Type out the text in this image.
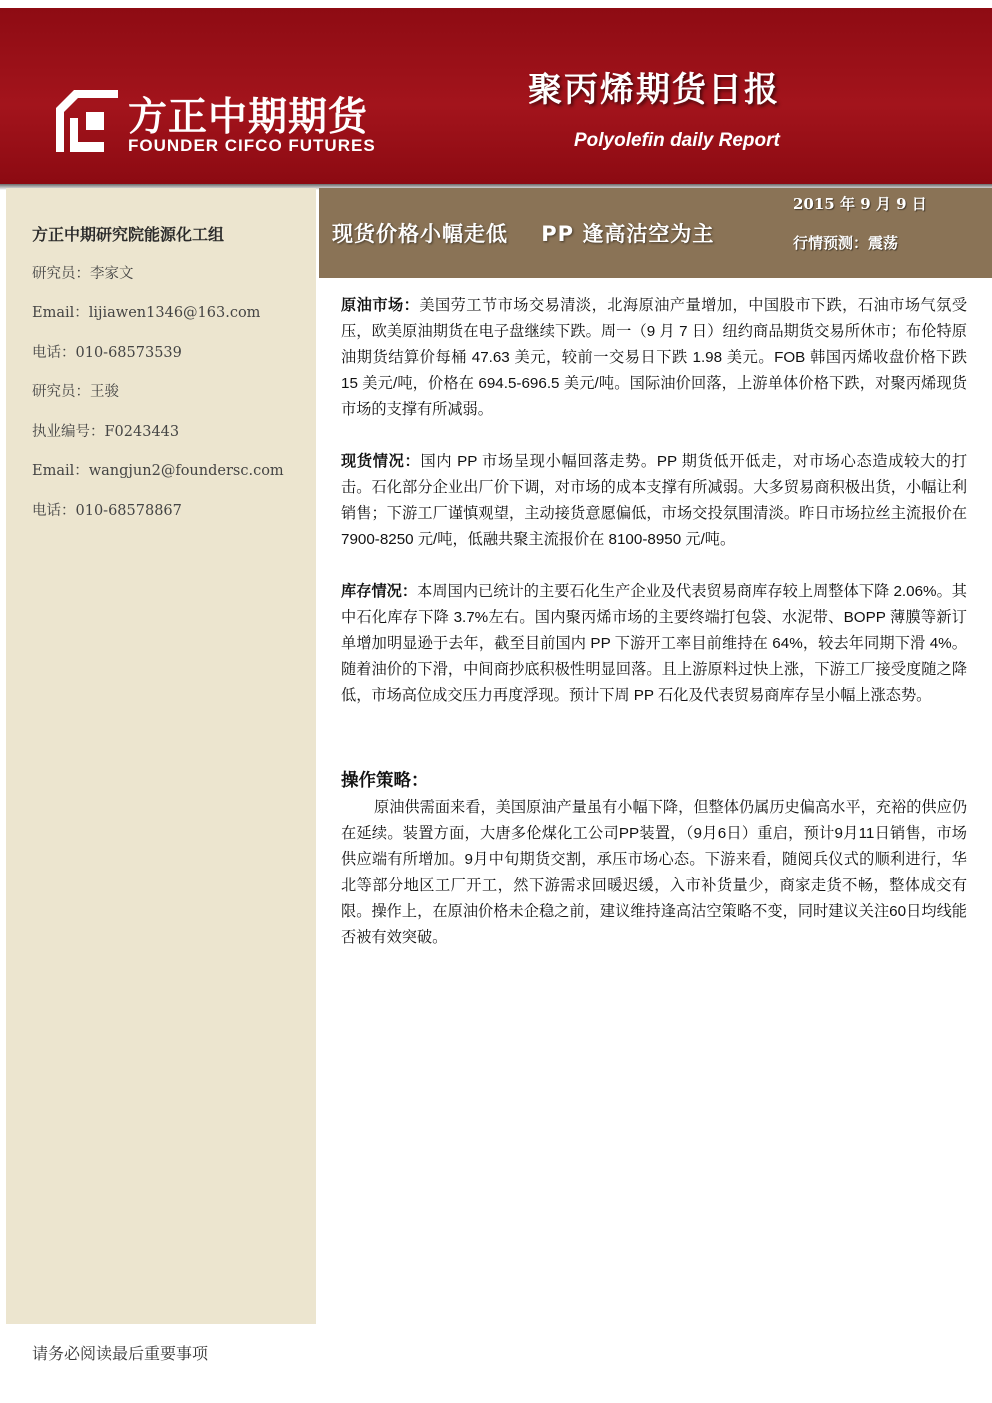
方正中期期货
FOUNDER CIFCO FUTURES
聚丙烯期货日报
Polyolefin daily Report
方正中期研究院能源化工组
研究员：李家文
Email：lijiawen1346@163.com
电话：010-68573539
研究员：王骏
执业编号：F0243443
Email：wangjun2@foundersc.com
电话：010-68578867
现货价格小幅走低    PP 逢高沽空为主
2015 年 9 月 9 日
行情预测：震荡

原油市场：美国劳工节市场交易清淡，北海原油产量增加，中国股市下跌，石油市场气氛受压，欧美原油期货在电子盘继续下跌。周一（9 月 7 日）纽约商品期货交易所休市；布伦特原油期货结算价每桶 47.63 美元，较前一交易日下跌 1.98 美元。FOB 韩国丙烯收盘价格下跌 15 美元/吨，价格在 694.5-696.5 美元/吨。国际油价回落，上游单体价格下跌，对聚丙烯现货市场的支撑有所减弱。

现货情况：国内 PP 市场呈现小幅回落走势。PP 期货低开低走，对市场心态造成较大的打击。石化部分企业出厂价下调，对市场的成本支撑有所减弱。大多贸易商积极出货，小幅让利销售；下游工厂谨慎观望，主动接货意愿偏低，市场交投氛围清淡。昨日市场拉丝主流报价在 7900-8250 元/吨，低融共聚主流报价在 8100-8950 元/吨。

库存情况：本周国内已统计的主要石化生产企业及代表贸易商库存较上周整体下降 2.06%。其中石化库存下降 3.7%左右。国内聚丙烯市场的主要终端打包袋、水泥带、BOPP 薄膜等新订单增加明显逊于去年，截至目前国内 PP 下游开工率目前维持在 64%，较去年同期下滑 4%。随着油价的下滑，中间商抄底积极性明显回落。且上游原料过快上涨，下游工厂接受度随之降低，市场高位成交压力再度浮现。预计下周 PP 石化及代表贸易商库存呈小幅上涨态势。

操作策略：

原油供需面来看，美国原油产量虽有小幅下降，但整体仍属历史偏高水平，充裕的供应仍在延续。装置方面，大唐多伦煤化工公司PP装置，（9月6日）重启，预计9月11日销售，市场供应端有所增加。9月中旬期货交割，承压市场心态。下游来看，随阅兵仪式的顺利进行，华北等部分地区工厂开工，然下游需求回暖迟缓，入市补货量少，商家走货不畅，整体成交有限。操作上，在原油价格未企稳之前，建议维持逢高沽空策略不变，同时建议关注60日均线能否被有效突破。

请务必阅读最后重要事项
